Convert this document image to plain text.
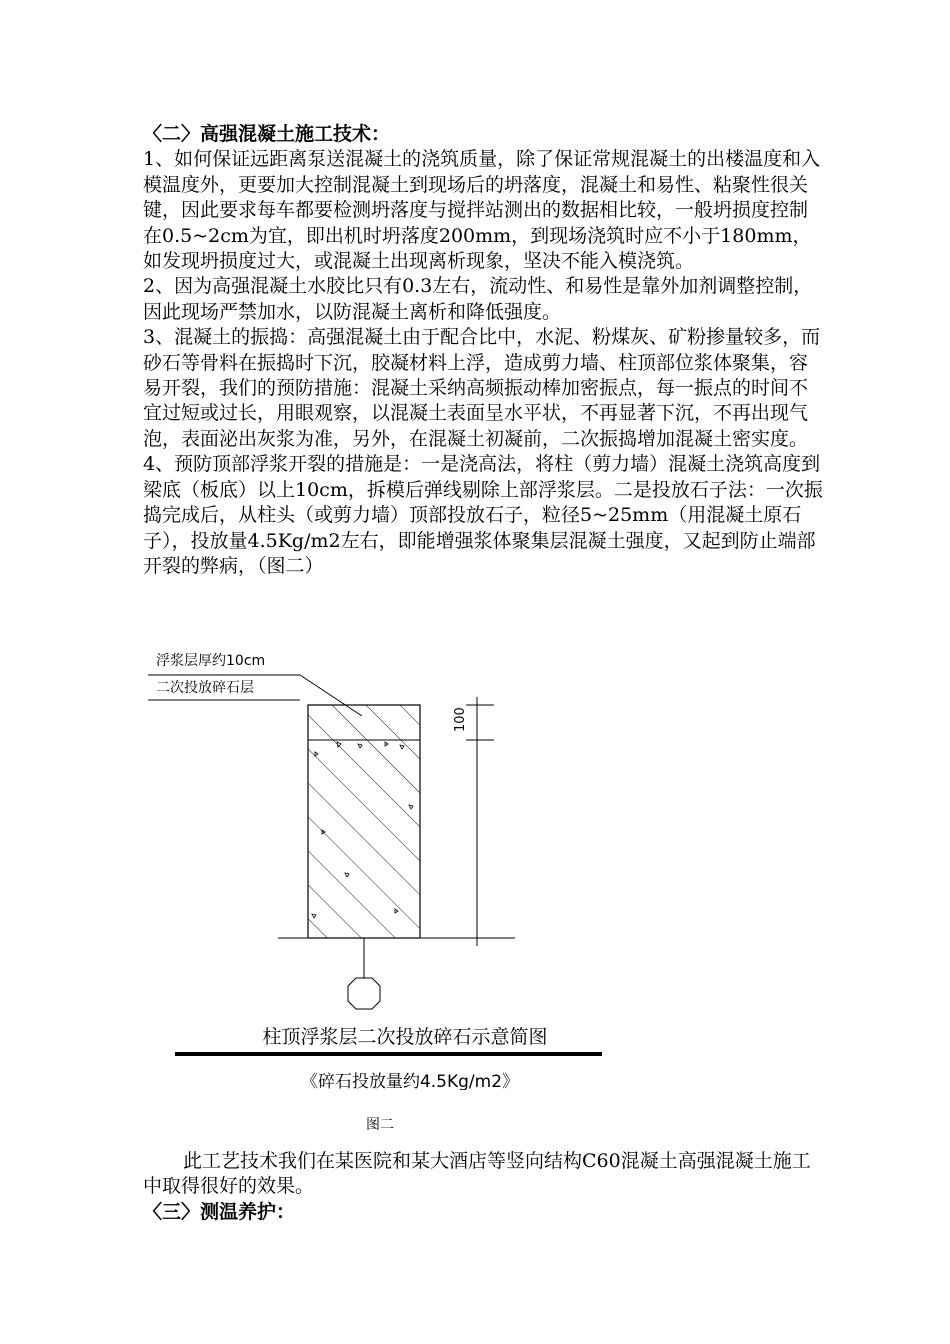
〈二〉高强混凝土施工技术：

1、如何保证远距离泵送混凝土的浇筑质量，除了保证常规混凝土的出楼温度和入模温度外，更要加大控制混凝土到现场后的坍落度，混凝土和易性、粘聚性很关键，因此要求每车都要检测坍落度与搅拌站测出的数据相比较，一般坍损度控制在0.5~2cm为宜，即出机时坍落度200mm，到现场浇筑时应不小于180mm，如发现坍损度过大，或混凝土出现离析现象，坚决不能入模浇筑。

2、因为高强混凝土水胶比只有0.3左右，流动性、和易性是靠外加剂调整控制，因此现场严禁加水，以防混凝土离析和降低强度。

3、混凝土的振捣：高强混凝土由于配合比中，水泥、粉煤灰、矿粉掺量较多，而砂石等骨料在振捣时下沉，胶凝材料上浮，造成剪力墙、柱顶部位浆体聚集，容易开裂，我们的预防措施：混凝土采纳高频振动棒加密振点，每一振点的时间不宜过短或过长，用眼观察，以混凝土表面呈水平状，不再显著下沉，不再出现气泡，表面泌出灰浆为准，另外，在混凝土初凝前，二次振捣增加混凝土密实度。

4、预防顶部浮浆开裂的措施是：一是浇高法，将柱（剪力墙）混凝土浇筑高度到梁底（板底）以上10cm，拆模后弹线剔除上部浮浆层。二是投放石子法：一次振捣完成后，从柱头（或剪力墙）顶部投放石子，粒径5~25mm（用混凝土原石子），投放量4.5Kg/m2左右，即能增强浆体聚集层混凝土强度，又起到防止端部开裂的弊病，（图二）

浮浆层厚约10cm
二次投放碎石层
100
柱顶浮浆层二次投放碎石示意简图
《碎石投放量约4.5Kg/m2》
图二

此工艺技术我们在某医院和某大酒店等竖向结构C60混凝土高强混凝土施工中取得很好的效果。

〈三〉测温养护：
